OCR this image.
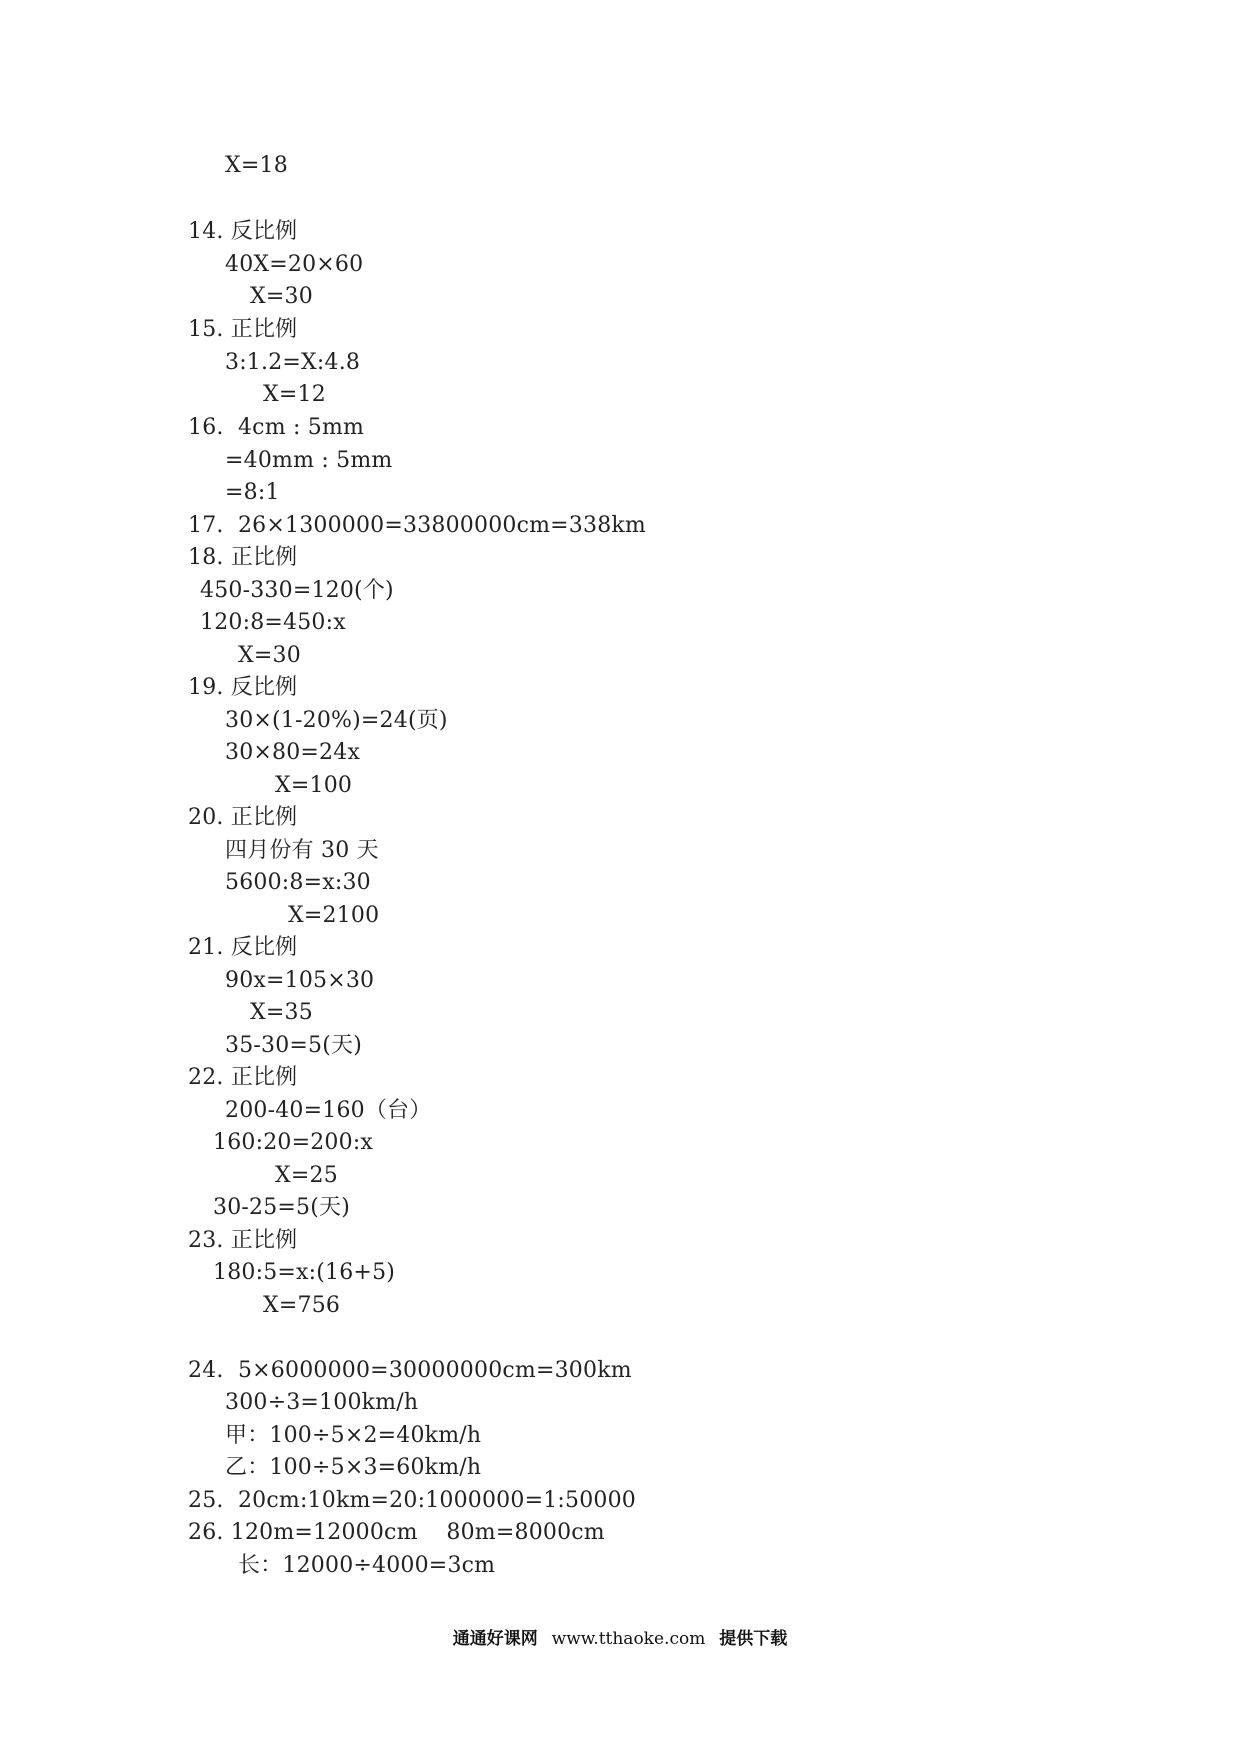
X=18
14. 反比例
40X=20×60
X=30
15. 正比例
3:1.2=X:4.8
X=12
16.  4cm : 5mm
=40mm : 5mm
=8:1
17.  26×1300000=33800000cm=338km
18. 正比例
450-330=120(个)
120:8=450:x
X=30
19. 反比例
30×(1-20%)=24(页)
30×80=24x
X=100
20. 正比例
四月份有 30 天
5600:8=x:30
X=2100
21. 反比例
90x=105×30
X=35
35-30=5(天)
22. 正比例
200-40=160（台）
160:20=200:x
X=25
30-25=5(天)
23. 正比例
180:5=x:(16+5)
X=756
24.  5×6000000=30000000cm=300km
300÷3=100km/h
甲：100÷5×2=40km/h
乙：100÷5×3=60km/h
25.  20cm:10km=20:1000000=1:50000
26. 120m=12000cm    80m=8000cm
长：12000÷4000=3cm
通通好课网 www.tthaoke.com 提供下载
